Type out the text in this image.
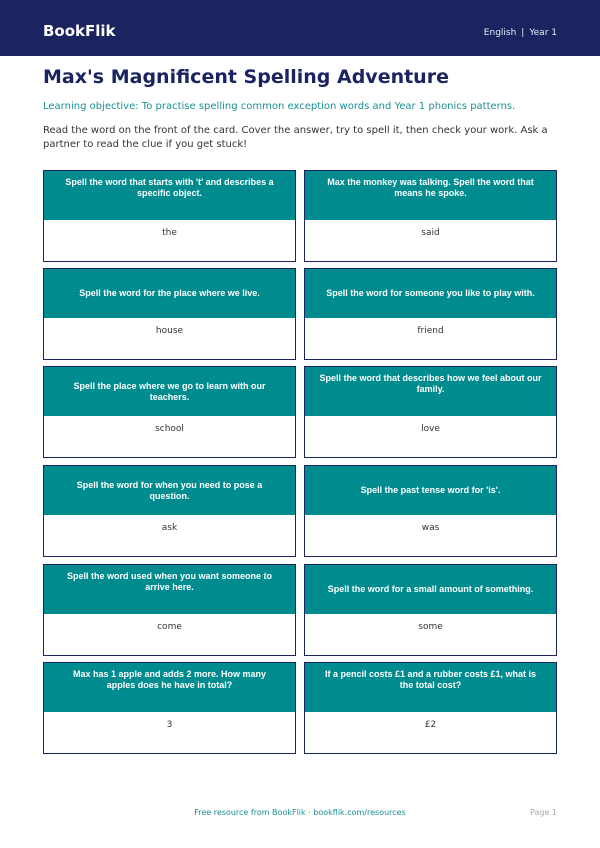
BookFlik	English | Year 1
Max's Magnificent Spelling Adventure
Learning objective: To practise spelling common exception words and Year 1 phonics patterns.
Read the word on the front of the card. Cover the answer, try to spell it, then check your work. Ask a partner to read the clue if you get stuck!
Spell the word that starts with 't' and describes a specific object.
the
Max the monkey was talking. Spell the word that means he spoke.
said
Spell the word for the place where we live.
house
Spell the word for someone you like to play with.
friend
Spell the place where we go to learn with our teachers.
school
Spell the word that describes how we feel about our family.
love
Spell the word for when you need to pose a question.
ask
Spell the past tense word for 'is'.
was
Spell the word used when you want someone to arrive here.
come
Spell the word for a small amount of something.
some
Max has 1 apple and adds 2 more. How many apples does he have in total?
3
If a pencil costs £1 and a rubber costs £1, what is the total cost?
£2
Free resource from BookFlik · bookflik.com/resources	Page 1
